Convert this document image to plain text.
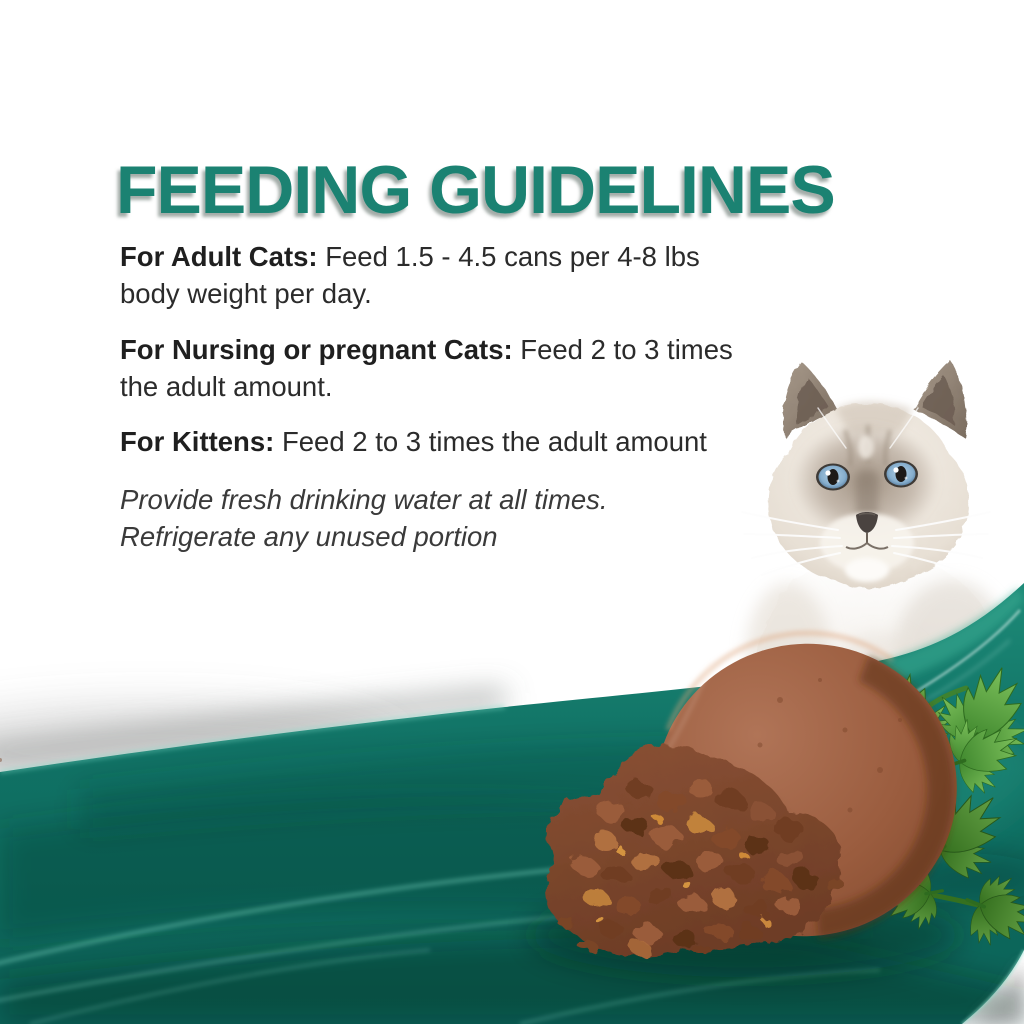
FEEDING GUIDELINES

For Adult Cats: Feed 1.5 - 4.5 cans per 4-8 lbs
body weight per day.

For Nursing or pregnant Cats: Feed 2 to 3 times
the adult amount.

For Kittens: Feed 2 to 3 times the adult amount

Provide fresh drinking water at all times.
Refrigerate any unused portion
